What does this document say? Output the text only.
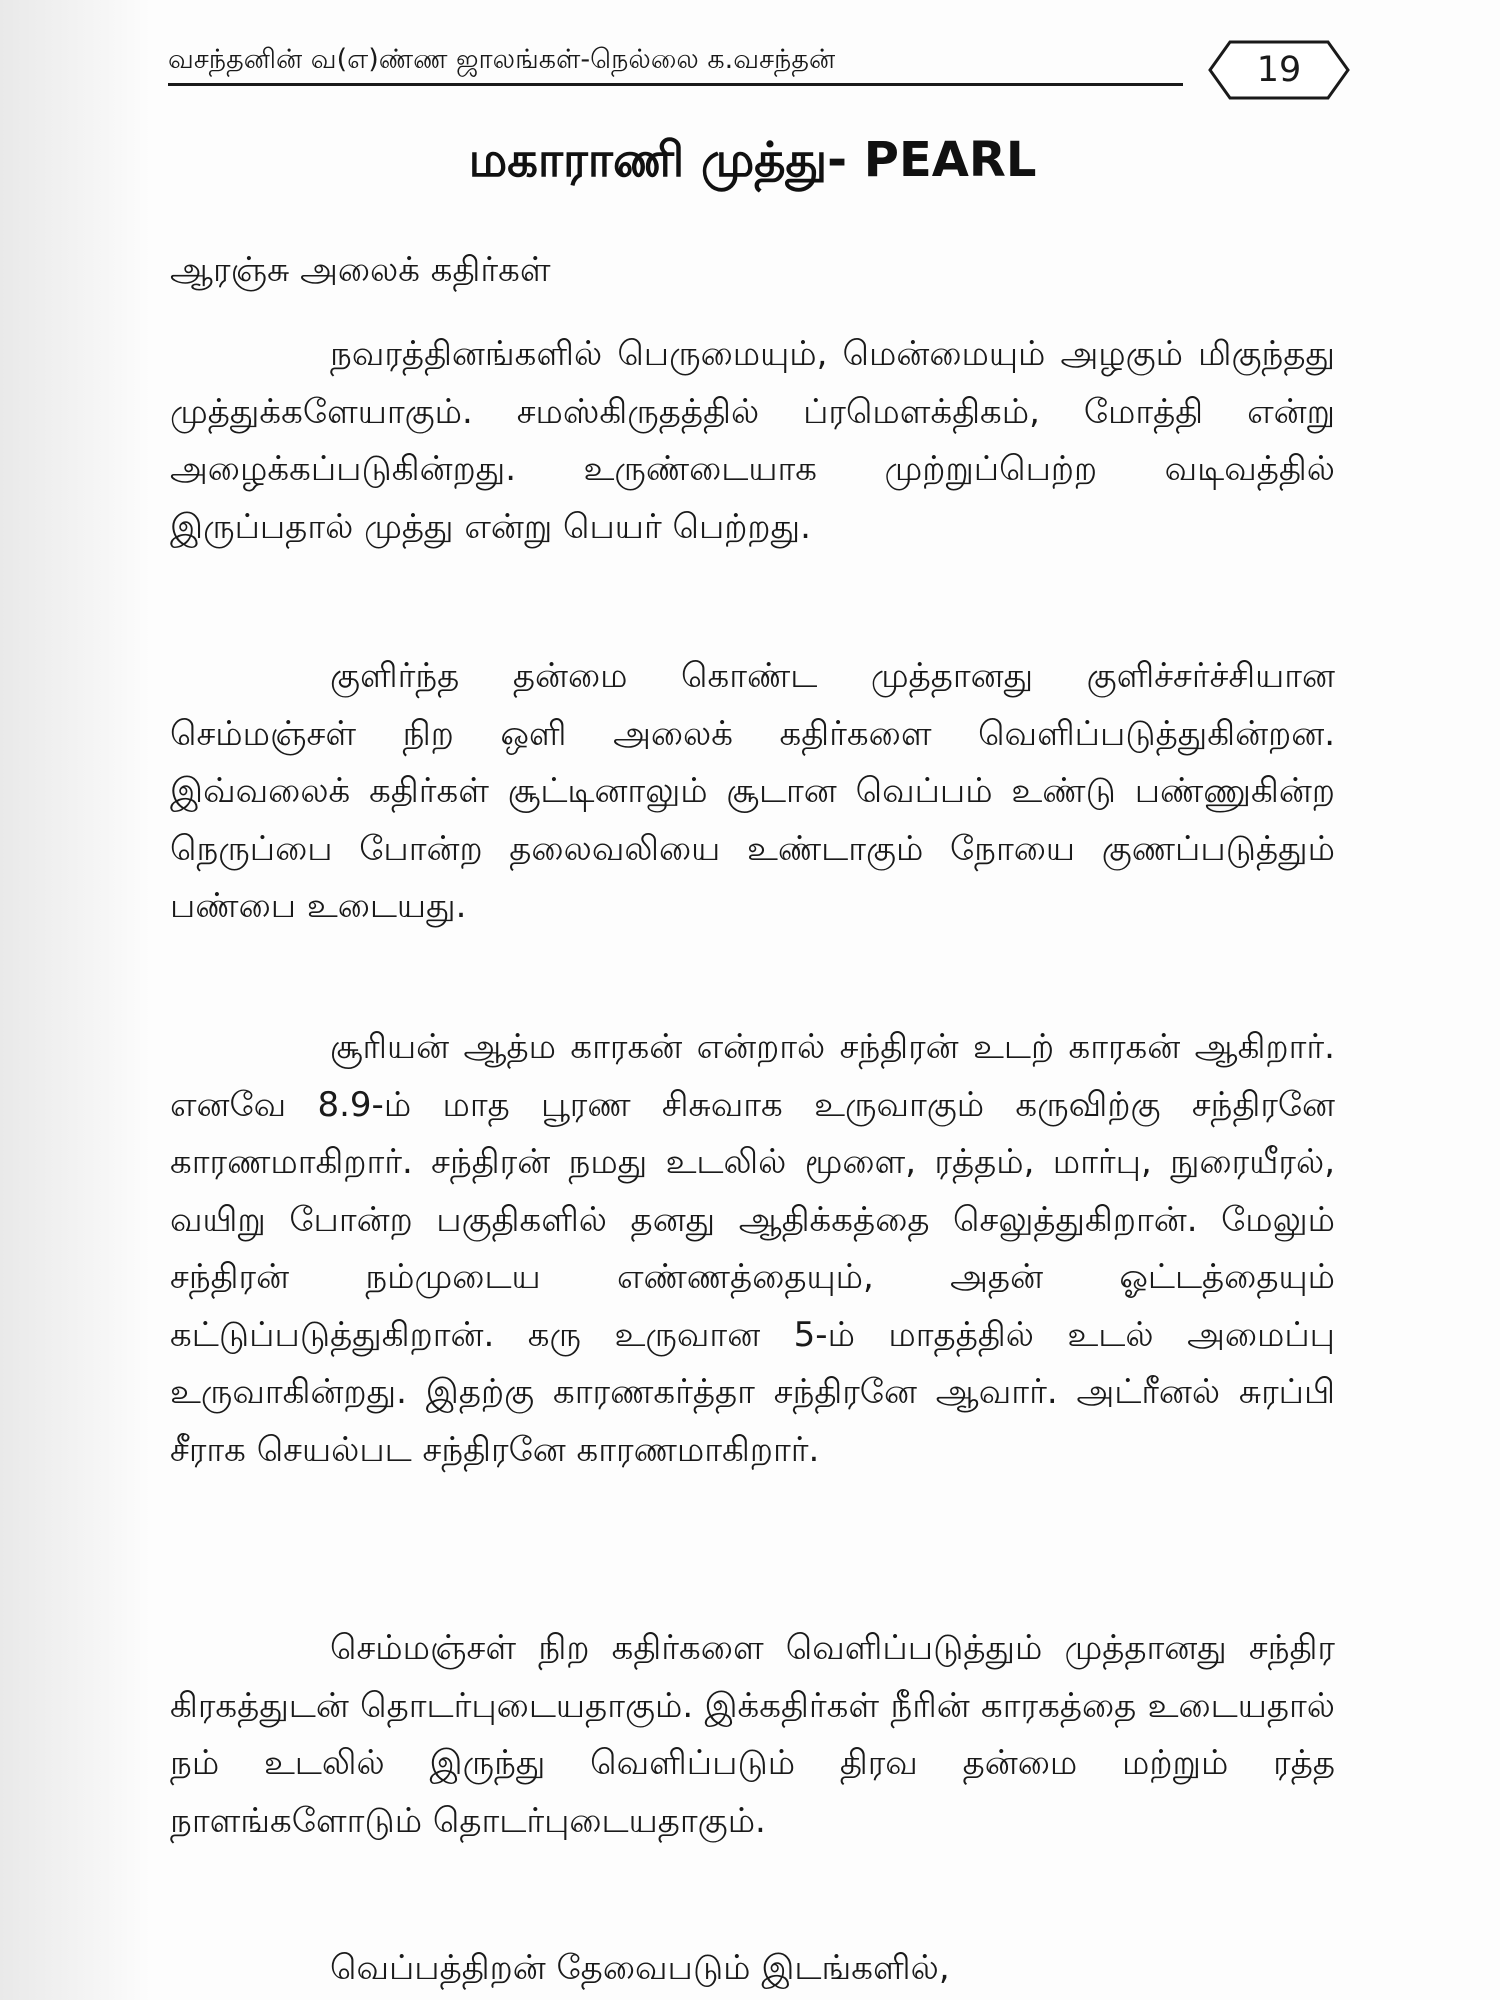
வசந்தனின் வ(எ)ண்ண ஜாலங்கள்-நெல்லை க.வசந்தன்	19
மகாராணி முத்து- PEARL
ஆரஞ்சு அலைக் கதிர்கள்

நவரத்தினங்களில் பெருமையும், மென்மையும் அழகும் மிகுந்தது முத்துக்களேயாகும். சமஸ்கிருதத்தில் ப்ரமௌக்திகம், மோத்தி என்று அழைக்கப்படுகின்றது. உருண்டையாக முற்றுப்பெற்ற வடிவத்தில் இருப்பதால் முத்து என்று பெயர் பெற்றது.

குளிர்ந்த தன்மை கொண்ட முத்தானது குளிச்சர்ச்சியான செம்மஞ்சள் நிற ஒளி அலைக் கதிர்களை வெளிப்படுத்துகின்றன. இவ்வலைக் கதிர்கள் சூட்டினாலும் சூடான வெப்பம் உண்டு பண்ணுகின்ற நெருப்பை போன்ற தலைவலியை உண்டாகும் நோயை குணப்படுத்தும் பண்பை உடையது.

சூரியன் ஆத்ம காரகன் என்றால் சந்திரன் உடற் காரகன் ஆகிறார். எனவே 8.9-ம் மாத பூரண சிசுவாக உருவாகும் கருவிற்கு சந்திரனே காரணமாகிறார். சந்திரன் நமது உடலில் மூளை, ரத்தம், மார்பு, நுரையீரல், வயிறு போன்ற பகுதிகளில் தனது ஆதிக்கத்தை செலுத்துகிறான். மேலும் சந்திரன் நம்முடைய எண்ணத்தையும், அதன் ஓட்டத்தையும் கட்டுப்படுத்துகிறான். கரு உருவான 5-ம் மாதத்தில் உடல் அமைப்பு உருவாகின்றது. இதற்கு காரணகர்த்தா சந்திரனே ஆவார். அட்ரீனல் சுரப்பி சீராக செயல்பட சந்திரனே காரணமாகிறார்.

செம்மஞ்சள் நிற கதிர்களை வெளிப்படுத்தும் முத்தானது சந்திர கிரகத்துடன் தொடர்புடையதாகும். இக்கதிர்கள் நீரின் காரகத்தை உடையதால் நம் உடலில் இருந்து வெளிப்படும் திரவ தன்மை மற்றும் ரத்த நாளங்களோடும் தொடர்புடையதாகும்.

வெப்பத்திறன் தேவைபடும் இடங்களில்,
